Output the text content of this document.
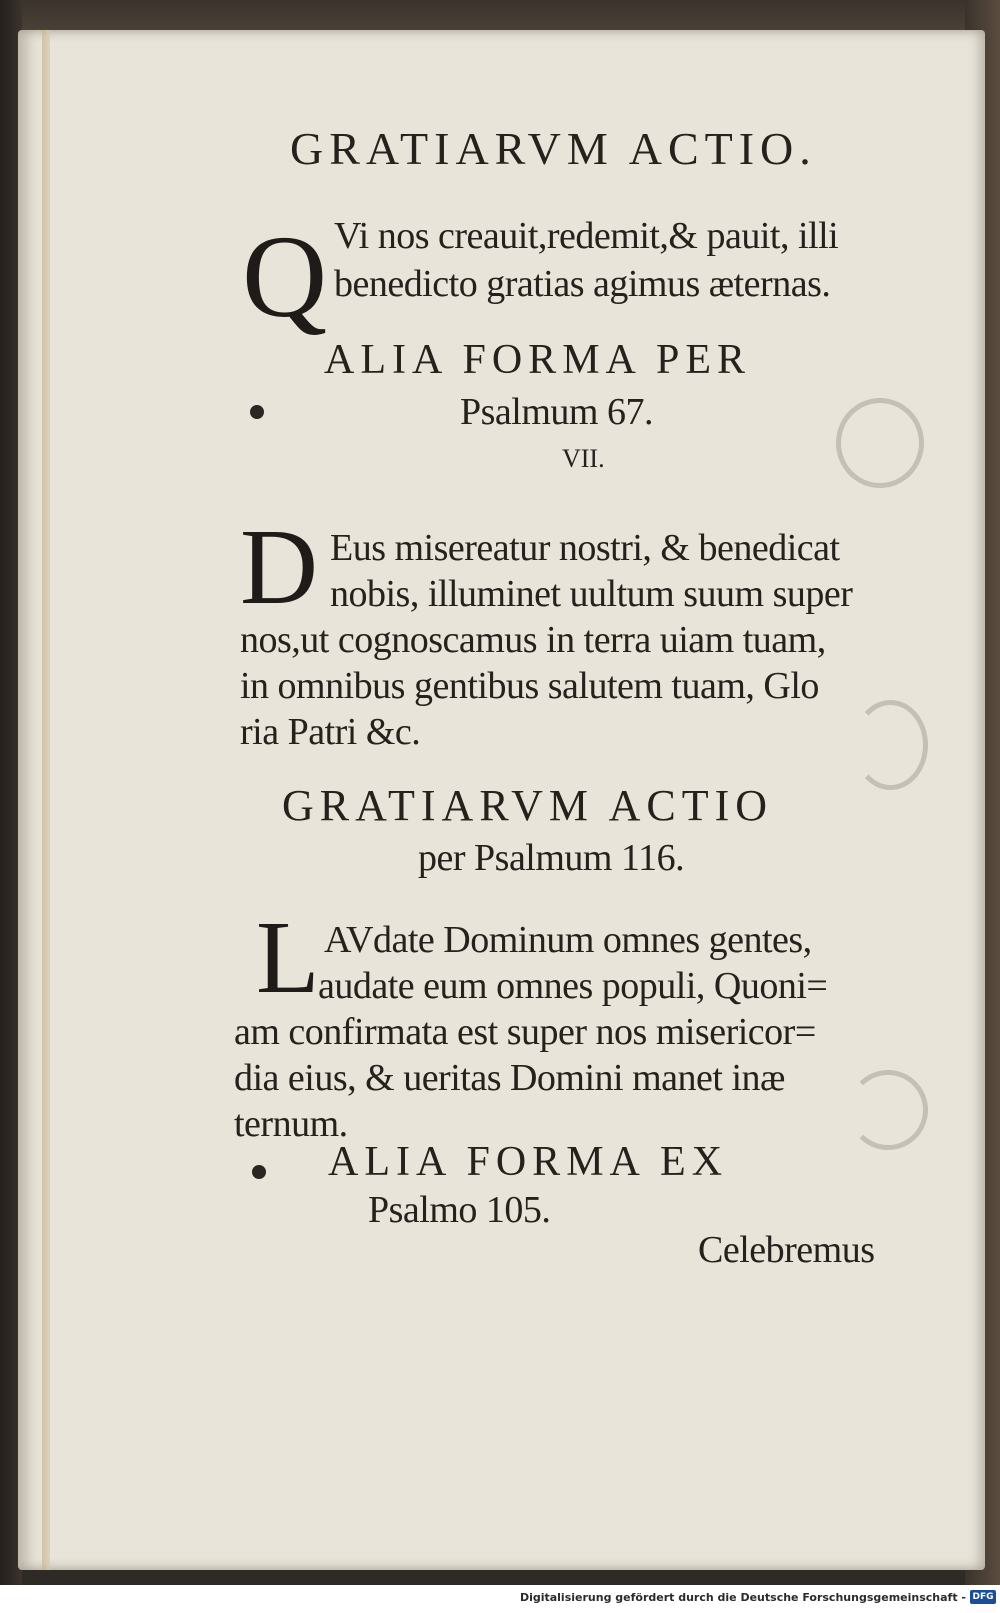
GRATIARVM ACTIO.
Q Vi nos creauit,redemit,& pauit, illi
benedicto gratias agimus æternas.
ALIA FORMA PER
Psalmum 67.
VII.
D Eus misereatur nostri, & benedicat
nobis, illuminet uultum suum super
nos,ut cognoscamus in terra uiam tuam,
in omnibus gentibus salutem tuam, Glo
ria Patri &c.
GRATIARVM ACTIO
per Psalmum 116.
L AVdate Dominum omnes gentes,
audate eum omnes populi, Quoni=
am confirmata est super nos misericor=
dia eius, & ueritas Domini manet inæ
ternum.
ALIA FORMA EX
Psalmo 105.
Celebremus
Digitalisierung gefördert durch die Deutsche Forschungsgemeinschaft - DFG
